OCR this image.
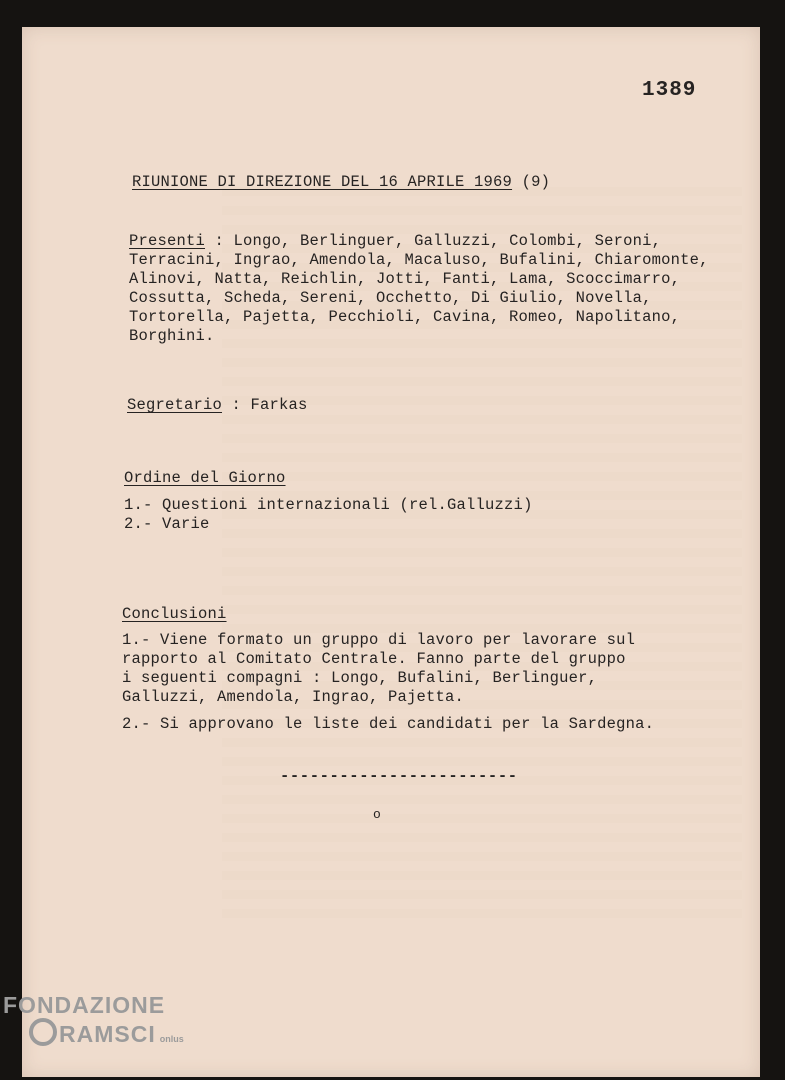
1389
RIUNIONE DI DIREZIONE DEL 16 APRILE 1969 (9)
Presenti : Longo, Berlinguer, Galluzzi, Colombi, Seroni,
Terracini, Ingrao, Amendola, Macaluso, Bufalini, Chiaromonte,
Alinovi, Natta, Reichlin, Jotti, Fanti, Lama, Scoccimarro,
Cossutta, Scheda, Sereni, Occhetto, Di Giulio, Novella,
Tortorella, Pajetta, Pecchioli, Cavina, Romeo, Napolitano,
Borghini.
Segretario : Farkas
Ordine del Giorno
1.- Questioni internazionali (rel.Galluzzi)
2.- Varie
Conclusioni
1.- Viene formato un gruppo di lavoro per lavorare sul
rapporto al Comitato Centrale. Fanno parte del gruppo
i seguenti compagni : Longo, Bufalini, Berlinguer,
Galluzzi, Amendola, Ingrao, Pajetta.
2.- Si approvano le liste dei candidati per la Sardegna.
------------------------
o
FONDAZIONE
RAMSCI onlus
